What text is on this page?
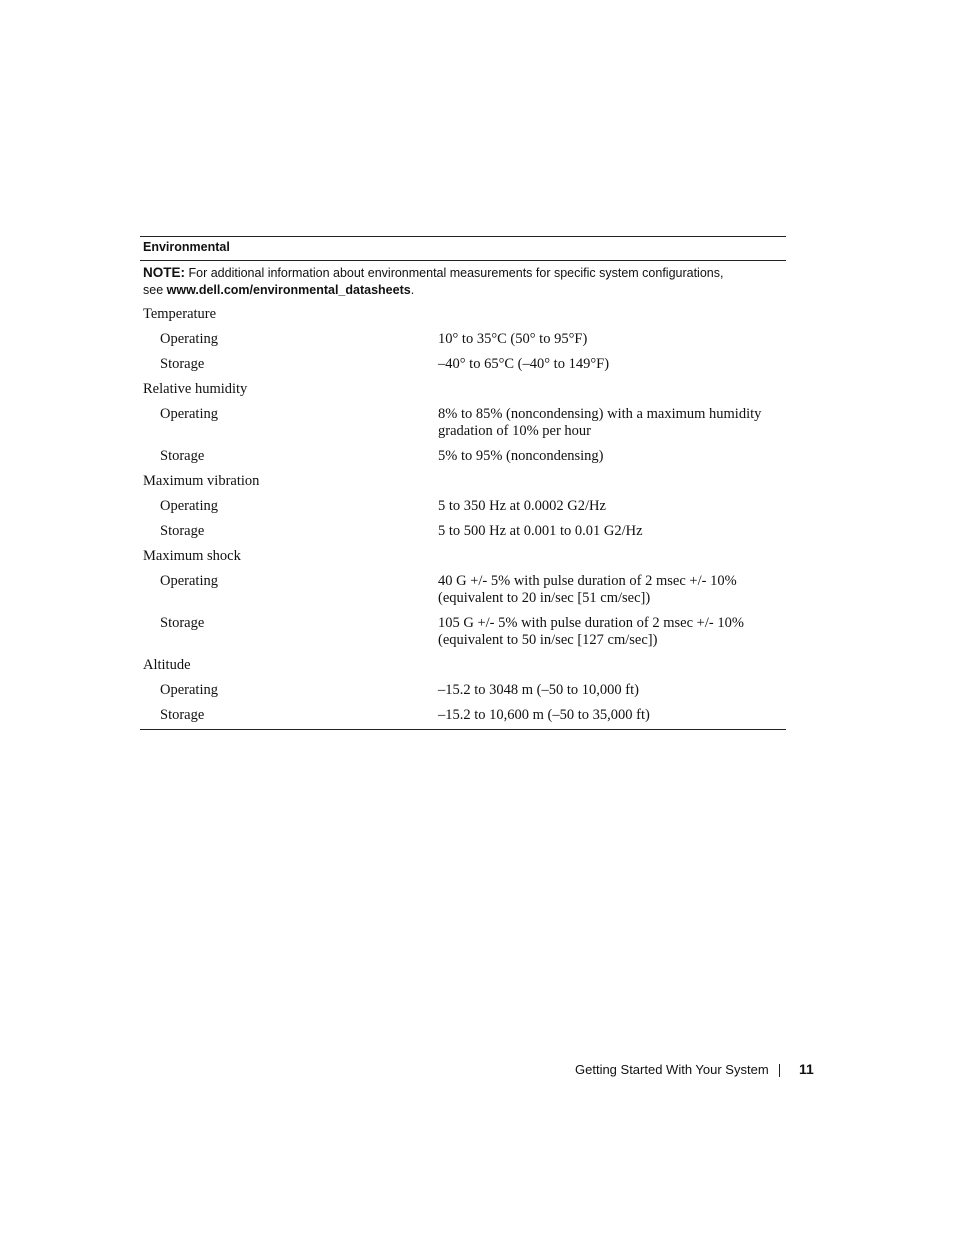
Environmental
NOTE: For additional information about environmental measurements for specific system configurations,
see www.dell.com/environmental_datasheets.
Temperature
Operating	10° to 35°C (50° to 95°F)
Storage	–40° to 65°C (–40° to 149°F)
Relative humidity
Operating	8% to 85% (noncondensing) with a maximum humidity
gradation of 10% per hour
Storage	5% to 95% (noncondensing)
Maximum vibration
Operating	5 to 350 Hz at 0.0002 G2/Hz
Storage	5 to 500 Hz at 0.001 to 0.01 G2/Hz
Maximum shock
Operating	40 G +/- 5% with pulse duration of 2 msec +/- 10%
(equivalent to 20 in/sec [51 cm/sec])
Storage	105 G +/- 5% with pulse duration of 2 msec +/- 10%
(equivalent to 50 in/sec [127 cm/sec])
Altitude
Operating	–15.2 to 3048 m (–50 to 10,000 ft)
Storage	–15.2 to 10,600 m (–50 to 35,000 ft)
Getting Started With Your System 11
